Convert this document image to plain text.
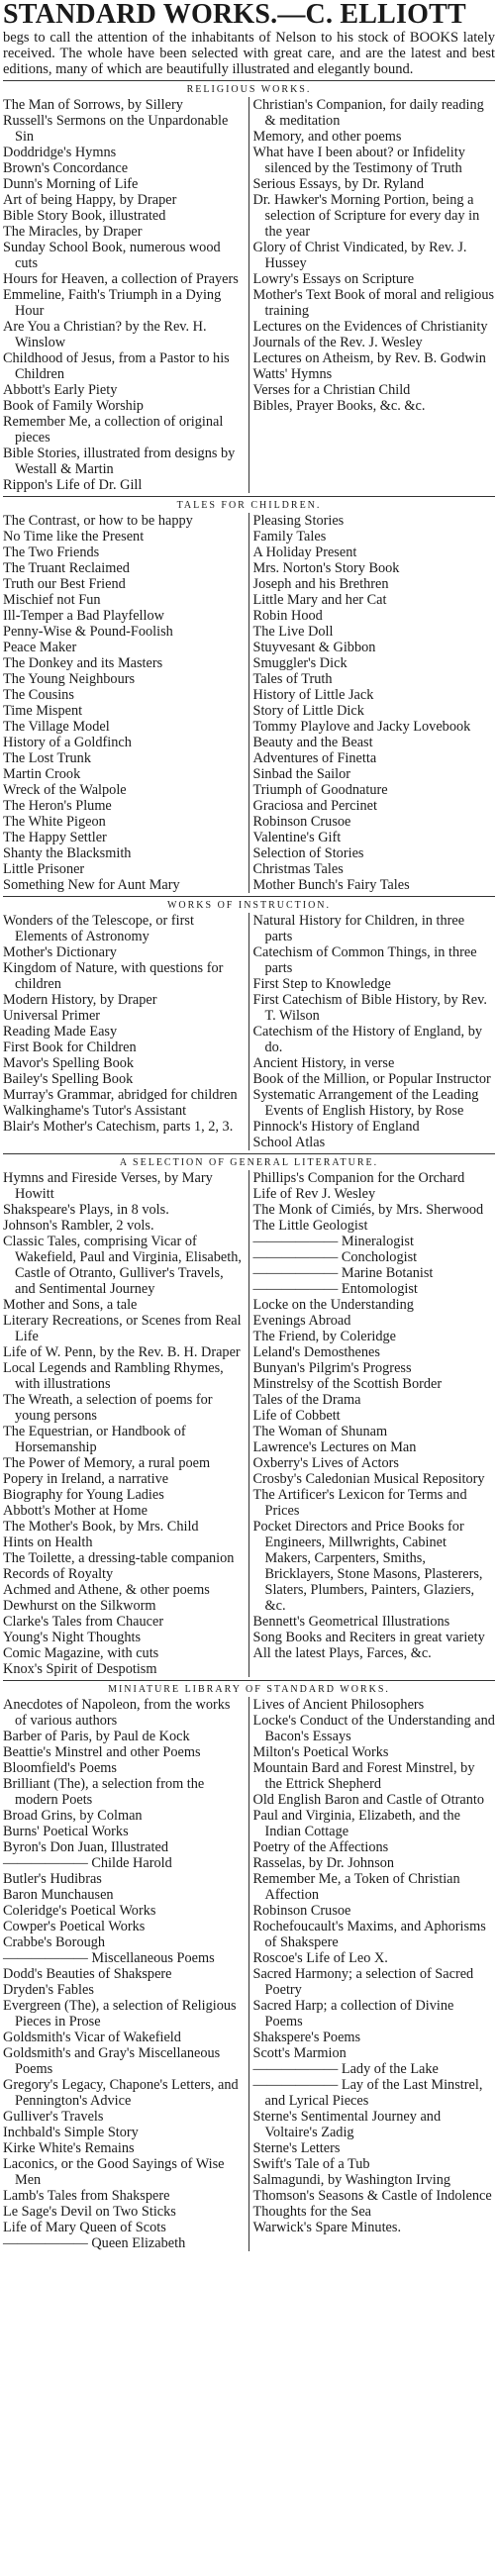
STANDARD WORKS.—C. ELLIOTT

begs to call the attention of the inhabitants of Nelson to his stock of BOOKS lately received. The whole have been selected with great care, and are the latest and best editions, many of which are beautifully illustrated and elegantly bound.

RELIGIOUS WORKS.
The Man of Sorrows, by Sillery
Russell's Sermons on the Unpardonable Sin
Doddridge's Hymns
Brown's Concordance
Dunn's Morning of Life
Art of being Happy, by Draper
Bible Story Book, illustrated
The Miracles, by Draper
Sunday School Book, numerous wood cuts
Hours for Heaven, a collection of Prayers
Emmeline, Faith's Triumph in a Dying Hour
Are You a Christian? by the Rev. H. Winslow
Childhood of Jesus, from a Pastor to his Children
Abbott's Early Piety
Book of Family Worship
Remember Me, a collection of original pieces
Bible Stories, illustrated from designs by Westall & Martin
Rippon's Life of Dr. Gill
Christian's Companion, for daily reading & meditation
Memory, and other poems
What have I been about? or Infidelity silenced by the Testimony of Truth
Serious Essays, by Dr. Ryland
Dr. Hawker's Morning Portion, being a selection of Scripture for every day in the year
Glory of Christ Vindicated, by Rev. J. Hussey
Lowry's Essays on Scripture
Mother's Text Book of moral and religious training
Lectures on the Evidences of Christianity
Journals of the Rev. J. Wesley
Lectures on Atheism, by Rev. B. Godwin
Watts' Hymns
Verses for a Christian Child
Bibles, Prayer Books, &c. &c.
TALES FOR CHILDREN.
The Contrast, or how to be happy
No Time like the Present
The Two Friends
The Truant Reclaimed
Truth our Best Friend
Mischief not Fun
Ill-Temper a Bad Playfellow
Penny-Wise & Pound-Foolish
Peace Maker
The Donkey and its Masters
The Young Neighbours
The Cousins
Time Mispent
The Village Model
History of a Goldfinch
The Lost Trunk
Martin Crook
Wreck of the Walpole
The Heron's Plume
The White Pigeon
The Happy Settler
Shanty the Blacksmith
Little Prisoner
Something New for Aunt Mary
Pleasing Stories
Family Tales
A Holiday Present
Mrs. Norton's Story Book
Joseph and his Brethren
Little Mary and her Cat
Robin Hood
The Live Doll
Stuyvesant & Gibbon
Smuggler's Dick
Tales of Truth
History of Little Jack
Story of Little Dick
Tommy Playlove and Jacky Lovebook
Beauty and the Beast
Adventures of Finetta
Sinbad the Sailor
Triumph of Goodnature
Graciosa and Percinet
Robinson Crusoe
Valentine's Gift
Selection of Stories
Christmas Tales
Mother Bunch's Fairy Tales
WORKS OF INSTRUCTION.
Wonders of the Telescope, or first Elements of Astronomy
Mother's Dictionary
Kingdom of Nature, with questions for children
Modern History, by Draper
Universal Primer
Reading Made Easy
First Book for Children
Mavor's Spelling Book
Bailey's Spelling Book
Murray's Grammar, abridged for children
Walkinghame's Tutor's Assistant
Blair's Mother's Catechism, parts 1, 2, 3.
Natural History for Children, in three parts
Catechism of Common Things, in three parts
First Step to Knowledge
First Catechism of Bible History, by Rev. T. Wilson
Catechism of the History of England, by do.
Ancient History, in verse
Book of the Million, or Popular Instructor
Systematic Arrangement of the Leading Events of English History, by Rose
Pinnock's History of England
School Atlas
A SELECTION OF GENERAL LITERATURE.
Hymns and Fireside Verses, by Mary Howitt
Shakspeare's Plays, in 8 vols.
Johnson's Rambler, 2 vols.
Classic Tales, comprising Vicar of Wakefield, Paul and Virginia, Elisabeth, Castle of Otranto, Gulliver's Travels, and Sentimental Journey
Mother and Sons, a tale
Literary Recreations, or Scenes from Real Life
Life of W. Penn, by the Rev. B. H. Draper
Local Legends and Rambling Rhymes, with illustrations
The Wreath, a selection of poems for young persons
The Equestrian, or Handbook of Horsemanship
The Power of Memory, a rural poem
Popery in Ireland, a narrative
Biography for Young Ladies
Abbott's Mother at Home
The Mother's Book, by Mrs. Child
Hints on Health
The Toilette, a dressing-table companion
Records of Royalty
Achmed and Athene, & other poems
Dewhurst on the Silkworm
Clarke's Tales from Chaucer
Young's Night Thoughts
Comic Magazine, with cuts
Knox's Spirit of Despotism
Phillips's Companion for the Orchard
Life of Rev J. Wesley
The Monk of Cimiés, by Mrs. Sherwood
The Little Geologist
—————— Mineralogist
—————— Conchologist
—————— Marine Botanist
—————— Entomologist
Locke on the Understanding
Evenings Abroad
The Friend, by Coleridge
Leland's Demosthenes
Bunyan's Pilgrim's Progress
Minstrelsy of the Scottish Border
Tales of the Drama
Life of Cobbett
The Woman of Shunam
Lawrence's Lectures on Man
Oxberry's Lives of Actors
Crosby's Caledonian Musical Repository
The Artificer's Lexicon for Terms and Prices
Pocket Directors and Price Books for Engineers, Millwrights, Cabinet Makers, Carpenters, Smiths, Bricklayers, Stone Masons, Plasterers, Slaters, Plumbers, Painters, Glaziers, &c.
Bennett's Geometrical Illustrations
Song Books and Reciters in great variety
All the latest Plays, Farces, &c.
MINIATURE LIBRARY OF STANDARD WORKS.
Anecdotes of Napoleon, from the works of various authors
Barber of Paris, by Paul de Kock
Beattie's Minstrel and other Poems
Bloomfield's Poems
Brilliant (The), a selection from the modern Poets
Broad Grins, by Colman
Burns' Poetical Works
Byron's Don Juan, Illustrated
—————— Childe Harold
Butler's Hudibras
Baron Munchausen
Coleridge's Poetical Works
Cowper's Poetical Works
Crabbe's Borough
—————— Miscellaneous Poems
Dodd's Beauties of Shakspere
Dryden's Fables
Evergreen (The), a selection of Religious Pieces in Prose
Goldsmith's Vicar of Wakefield
Goldsmith's and Gray's Miscellaneous Poems
Gregory's Legacy, Chapone's Letters, and Pennington's Advice
Gulliver's Travels
Inchbald's Simple Story
Kirke White's Remains
Laconics, or the Good Sayings of Wise Men
Lamb's Tales from Shakspere
Le Sage's Devil on Two Sticks
Life of Mary Queen of Scots
—————— Queen Elizabeth
Lives of Ancient Philosophers
Locke's Conduct of the Understanding and Bacon's Essays
Milton's Poetical Works
Mountain Bard and Forest Minstrel, by the Ettrick Shepherd
Old English Baron and Castle of Otranto
Paul and Virginia, Elizabeth, and the Indian Cottage
Poetry of the Affections
Rasselas, by Dr. Johnson
Remember Me, a Token of Christian Affection
Robinson Crusoe
Rochefoucault's Maxims, and Aphorisms of Shakspere
Roscoe's Life of Leo X.
Sacred Harmony; a selection of Sacred Poetry
Sacred Harp; a collection of Divine Poems
Shakspere's Poems
Scott's Marmion
—————— Lady of the Lake
—————— Lay of the Last Minstrel, and Lyrical Pieces
Sterne's Sentimental Journey and Voltaire's Zadig
Sterne's Letters
Swift's Tale of a Tub
Salmagundi, by Washington Irving
Thomson's Seasons & Castle of Indolence
Thoughts for the Sea
Warwick's Spare Minutes.
